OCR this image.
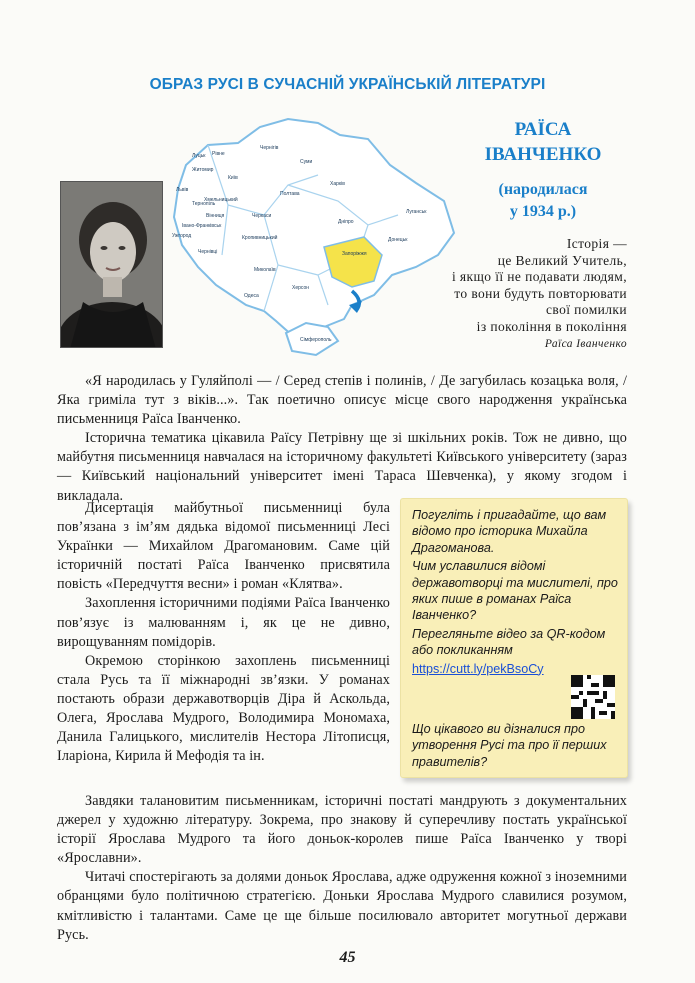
ОБРАЗ РУСІ В СУЧАСНІЙ УКРАЇНСЬКІЙ ЛІТЕРАТУРІ
Луцьк Рівне
Чернігів
Житомир
Київ
Суми
Львів
Тернопіль
Хмельницький
Вінниця
Полтава
Харків
Луганськ
Черкаси
Івано-Франківськ
Ужгород
Чернівці
Кропивницький
Дніпро
Донецьк
Запоріжжя
Миколаїв
Одеса
Херсон
Сімферополь
РАЇСА
ІВАНЧЕНКО
(народилася
у 1934 р.)
Історія —
це Великий Учитель,
і якщо її не подавати людям,
то вони будуть повторювати
свої помилки
із покоління в покоління
Раїса Іванченко

«Я народилась у Гуляйполі — / Серед степів і полинів, / Де загубилась козацька воля, / Яка гриміла тут з віків...». Так поетично описує місце свого народження українська письменниця Раїса Іванченко.

Історична тематика цікавила Раїсу Петрівну ще зі шкільних років. Тож не дивно, що майбутня письменниця навчалася на історичному факультеті Київського університету (зараз — Київський національний університет імені Тараса Шевченка), у якому згодом і викладала.

Дисертація майбутньої письменниці була пов’язана з ім’ям дядька відомої письменниці Лесі Українки — Михайлом Драгомановим. Саме цій історичній постаті Раїса Іванченко присвятила повість «Передчуття весни» і роман «Клятва».

Захоплення історичними подіями Раїса Іванченко пов’язує із малюванням і, як це не дивно, вирощуванням помідорів.

Окремою сторінкою захоплень письменниці стала Русь та її міжнародні зв’язки. У романах постають образи державотворців Діра й Аскольда, Олега, Ярослава Мудрого, Володимира Мономаха, Данила Галицького, мислителів Нестора Літописця, Іларіона, Кирила й Мефодія та ін.

Погугліть і пригадайте, що вам відомо про історика Михайла Драгоманова.

Чим уславилися відомі державотворці та мислителі, про яких пише в романах Раїса Іванченко?

Перегляньте відео за QR-кодом або покликанням

https://cutt.ly/pekBsoCy

Що цікавого ви дізналися про утворення Русі та про її перших правителів?

Завдяки талановитим письменникам, історичні постаті мандрують з документальних джерел у художню літературу. Зокрема, про знакову й суперечливу постать української історії Ярослава Мудрого та його доньок-королев пише Раїса Іванченко у творі «Ярославни».

Читачі спостерігають за долями доньок Ярослава, адже одруження кожної з іноземними обранцями було політичною стратегією. Доньки Ярослава Мудрого славилися розумом, кмітливістю і талантами. Саме це ще більше посилювало авторитет могутньої держави Русь.

45
